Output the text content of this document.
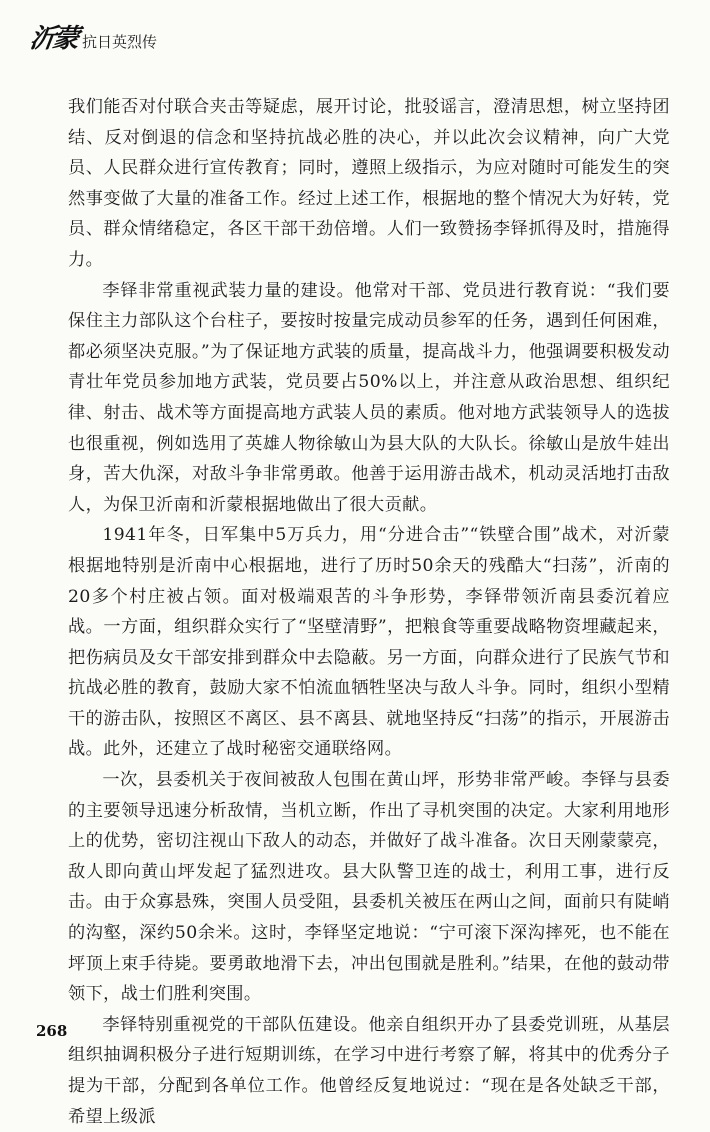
沂蒙 抗日英烈传

我们能否对付联合夹击等疑虑，展开讨论，批驳谣言，澄清思想，树立坚持团结、反对倒退的信念和坚持抗战必胜的决心，并以此次会议精神，向广大党员、人民群众进行宣传教育；同时，遵照上级指示，为应对随时可能发生的突然事变做了大量的准备工作。经过上述工作，根据地的整个情况大为好转，党员、群众情绪稳定，各区干部干劲倍增。人们一致赞扬李铎抓得及时，措施得力。

李铎非常重视武装力量的建设。他常对干部、党员进行教育说：“我们要保住主力部队这个台柱子，要按时按量完成动员参军的任务，遇到任何困难，都必须坚决克服。”为了保证地方武装的质量，提高战斗力，他强调要积极发动青壮年党员参加地方武装，党员要占50%以上，并注意从政治思想、组织纪律、射击、战术等方面提高地方武装人员的素质。他对地方武装领导人的选拔也很重视，例如选用了英雄人物徐敏山为县大队的大队长。徐敏山是放牛娃出身，苦大仇深，对敌斗争非常勇敢。他善于运用游击战术，机动灵活地打击敌人，为保卫沂南和沂蒙根据地做出了很大贡献。

1941年冬，日军集中5万兵力，用“分进合击”“铁壁合围”战术，对沂蒙根据地特别是沂南中心根据地，进行了历时50余天的残酷大“扫荡”，沂南的20多个村庄被占领。面对极端艰苦的斗争形势，李铎带领沂南县委沉着应战。一方面，组织群众实行了“坚壁清野”，把粮食等重要战略物资埋藏起来，把伤病员及女干部安排到群众中去隐蔽。另一方面，向群众进行了民族气节和抗战必胜的教育，鼓励大家不怕流血牺牲坚决与敌人斗争。同时，组织小型精干的游击队，按照区不离区、县不离县、就地坚持反“扫荡”的指示，开展游击战。此外，还建立了战时秘密交通联络网。

一次，县委机关于夜间被敌人包围在黄山坪，形势非常严峻。李铎与县委的主要领导迅速分析敌情，当机立断，作出了寻机突围的决定。大家利用地形上的优势，密切注视山下敌人的动态，并做好了战斗准备。次日天刚蒙蒙亮，敌人即向黄山坪发起了猛烈进攻。县大队警卫连的战士，利用工事，进行反击。由于众寡悬殊，突围人员受阻，县委机关被压在两山之间，面前只有陡峭的沟壑，深约50余米。这时，李铎坚定地说：“宁可滚下深沟摔死，也不能在坪顶上束手待毙。要勇敢地滑下去，冲出包围就是胜利。”结果，在他的鼓动带领下，战士们胜利突围。

李铎特别重视党的干部队伍建设。他亲自组织开办了县委党训班，从基层组织抽调积极分子进行短期训练，在学习中进行考察了解，将其中的优秀分子提为干部，分配到各单位工作。他曾经反复地说过：“现在是各处缺乏干部，希望上级派

268
